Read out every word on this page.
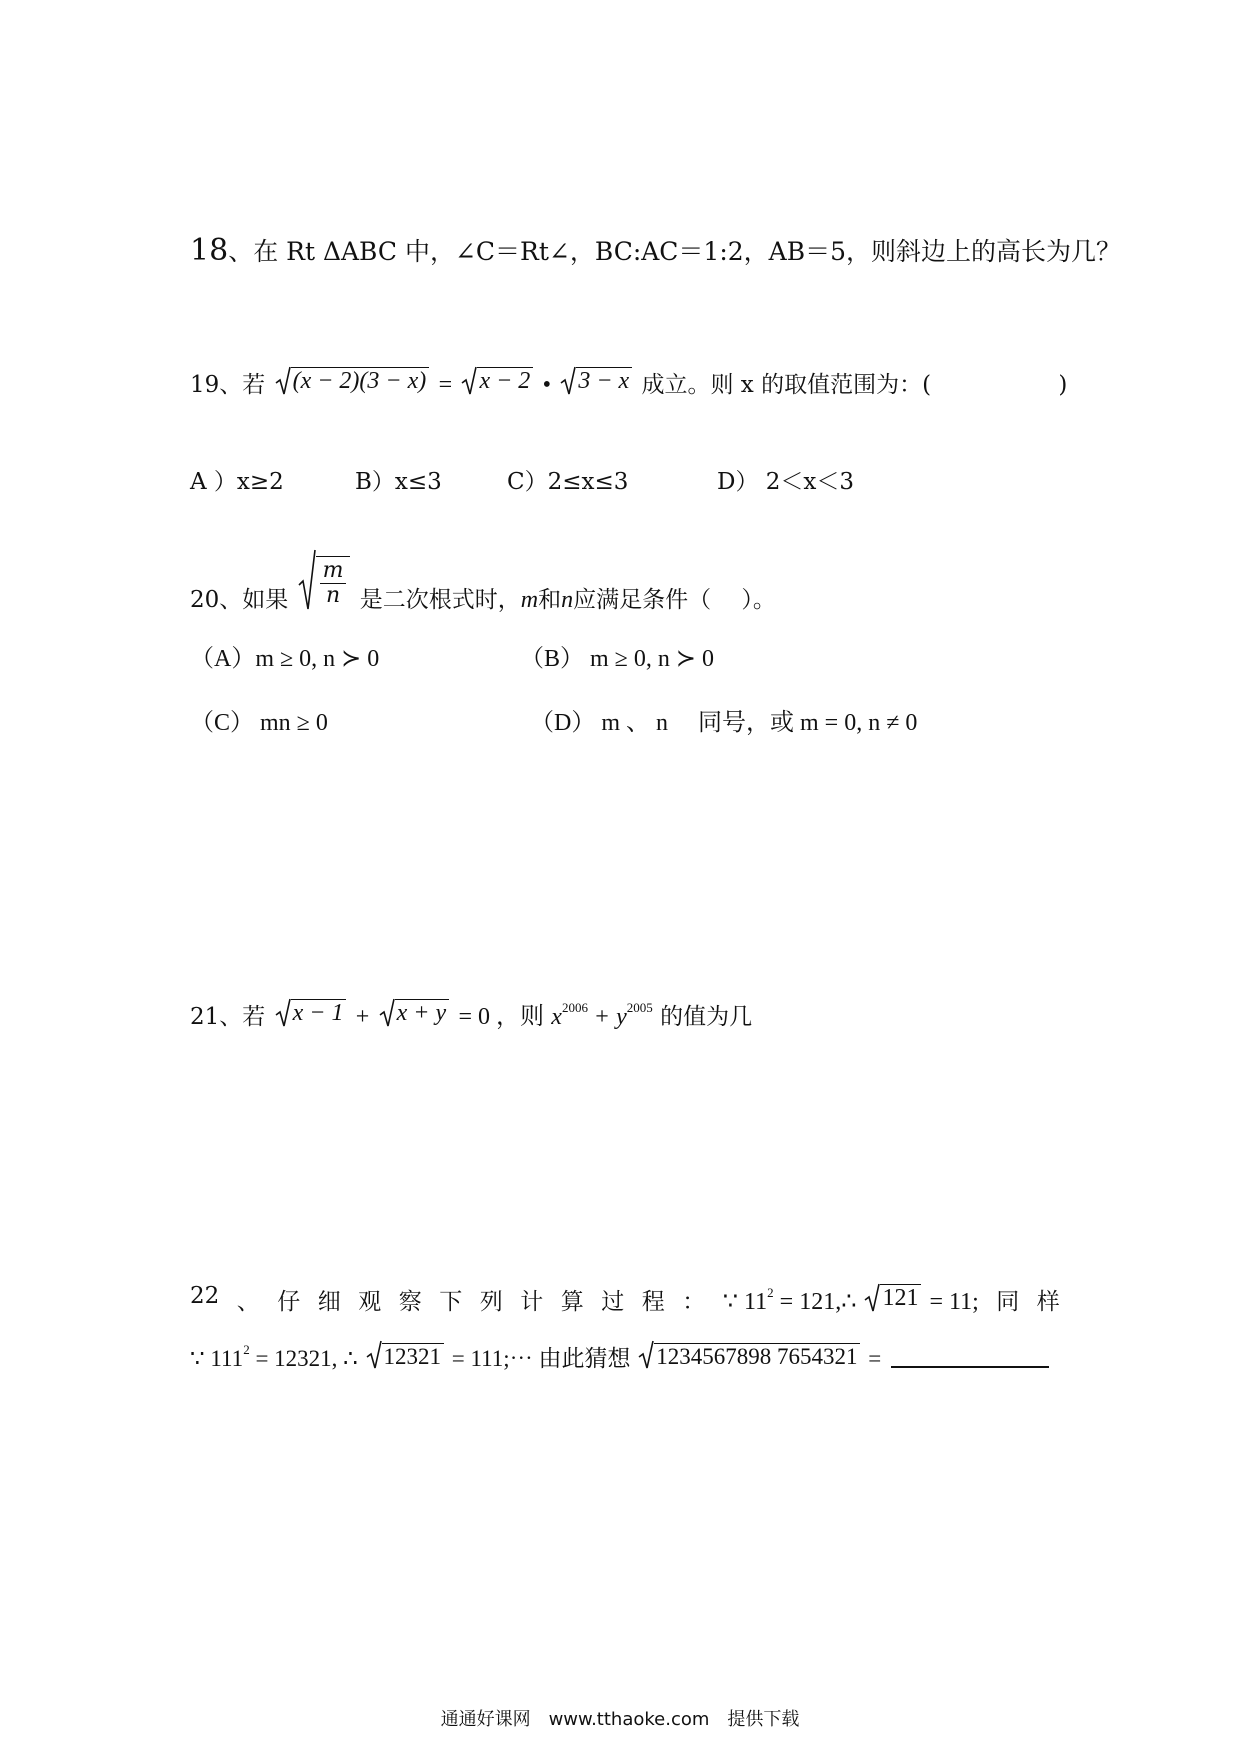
18、在 Rt ΔABC 中，∠C＝Rt∠，BC:AC＝1:2，AB＝5，则斜边上的高长为几？
19、若 (x − 2)(3 − x) = x − 2 • 3 − x 成立。则 x 的取值范围为：(	)
A ）x≥2	B）x≤3	C）2≤x≤3	D） 2＜x＜3
20、如果 $\frac{m}{n}$ 是二次根式时，m和n应满足条件（　 ）。
（A）m ≥ 0, n ≻ 0	（B） m ≥ 0, n ≻ 0
（C） mn ≥ 0	（D） m 、 n　 同号，或 m = 0, n ≠ 0
21、若 x − 1 + x + y = 0 ，则 $x^{2006} + y^{2005}$ 的值为几
22 、 仔 细 观 察 下 列 计 算 过 程 ： ∵ $11^2$ = 121,∴ 121 = 11; 同 样
∵ $111^2 = 12321$, ∴ 12321 = 111;⋯ 由此猜想 1234567898 7654321 =
通通好课网　www.tthaoke.com　提供下载
